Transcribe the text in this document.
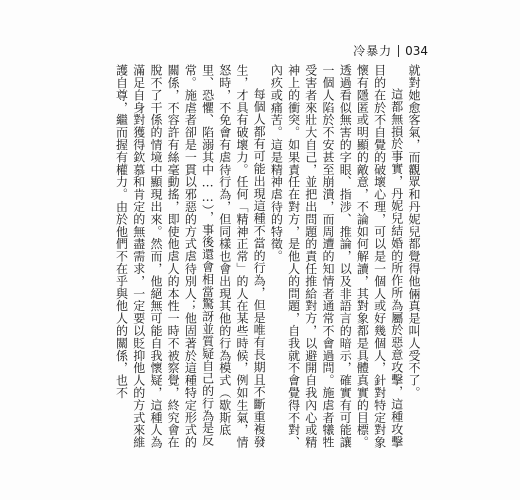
冷暴力 034

就對她愈客氣，而觀眾和丹妮兒都覺得他倆真是叫人受不了。

這都無損於事實，丹妮兒結婚的所作所為屬於惡意攻擊，這種攻擊目的在於不自覺的破壞心理，可以是一個人或好幾個人，針對特定對象懷有隱匿或明顯的敵意，不論如何解讀，其對象都是具體真實的目標。透過看似無害的字眼、指涉、推論，以及非語言的暗示，確實有可能讓一個人陷於不安甚至崩潰，而周遭的知情者通常不會過問。施虐者犧牲受害者來壯大自己，並把出問題的責任推給對方，以避開自我內心或精神上的衝突。如果責任在對方，是他人的問題，自我就不會覺得不對、內疚或痛苦。這是精神虐待的特徵。

每個人都有可能出現這種不當的行為，但是唯有長期且不斷重複發生，才具有破壞力。任何「精神正常」的人在某些時候，例如生氣，情怒時，不免會有虐待行為，但同樣也會出現其他的行為模式（歇斯底里、恐懼、陷溺其中……），事後還會相當驚訝並質疑自己的行為是反常。施虐者卻是一貫以邪惡的方式虐待別人；他固著於這種特定形式的關係，不容許有絲毫動搖，即使他虐人的本性一時不被察覺，終究會在脫不了干係的情境中顯現出來。然而，他絕無可能自我懷疑，這種人為滿足自身對獲得欽慕和肯定的無盡需求，一定要以貶抑他人的方式來維護自尊，繼而握有權力。由於他們不在乎與他人的關係，也不
